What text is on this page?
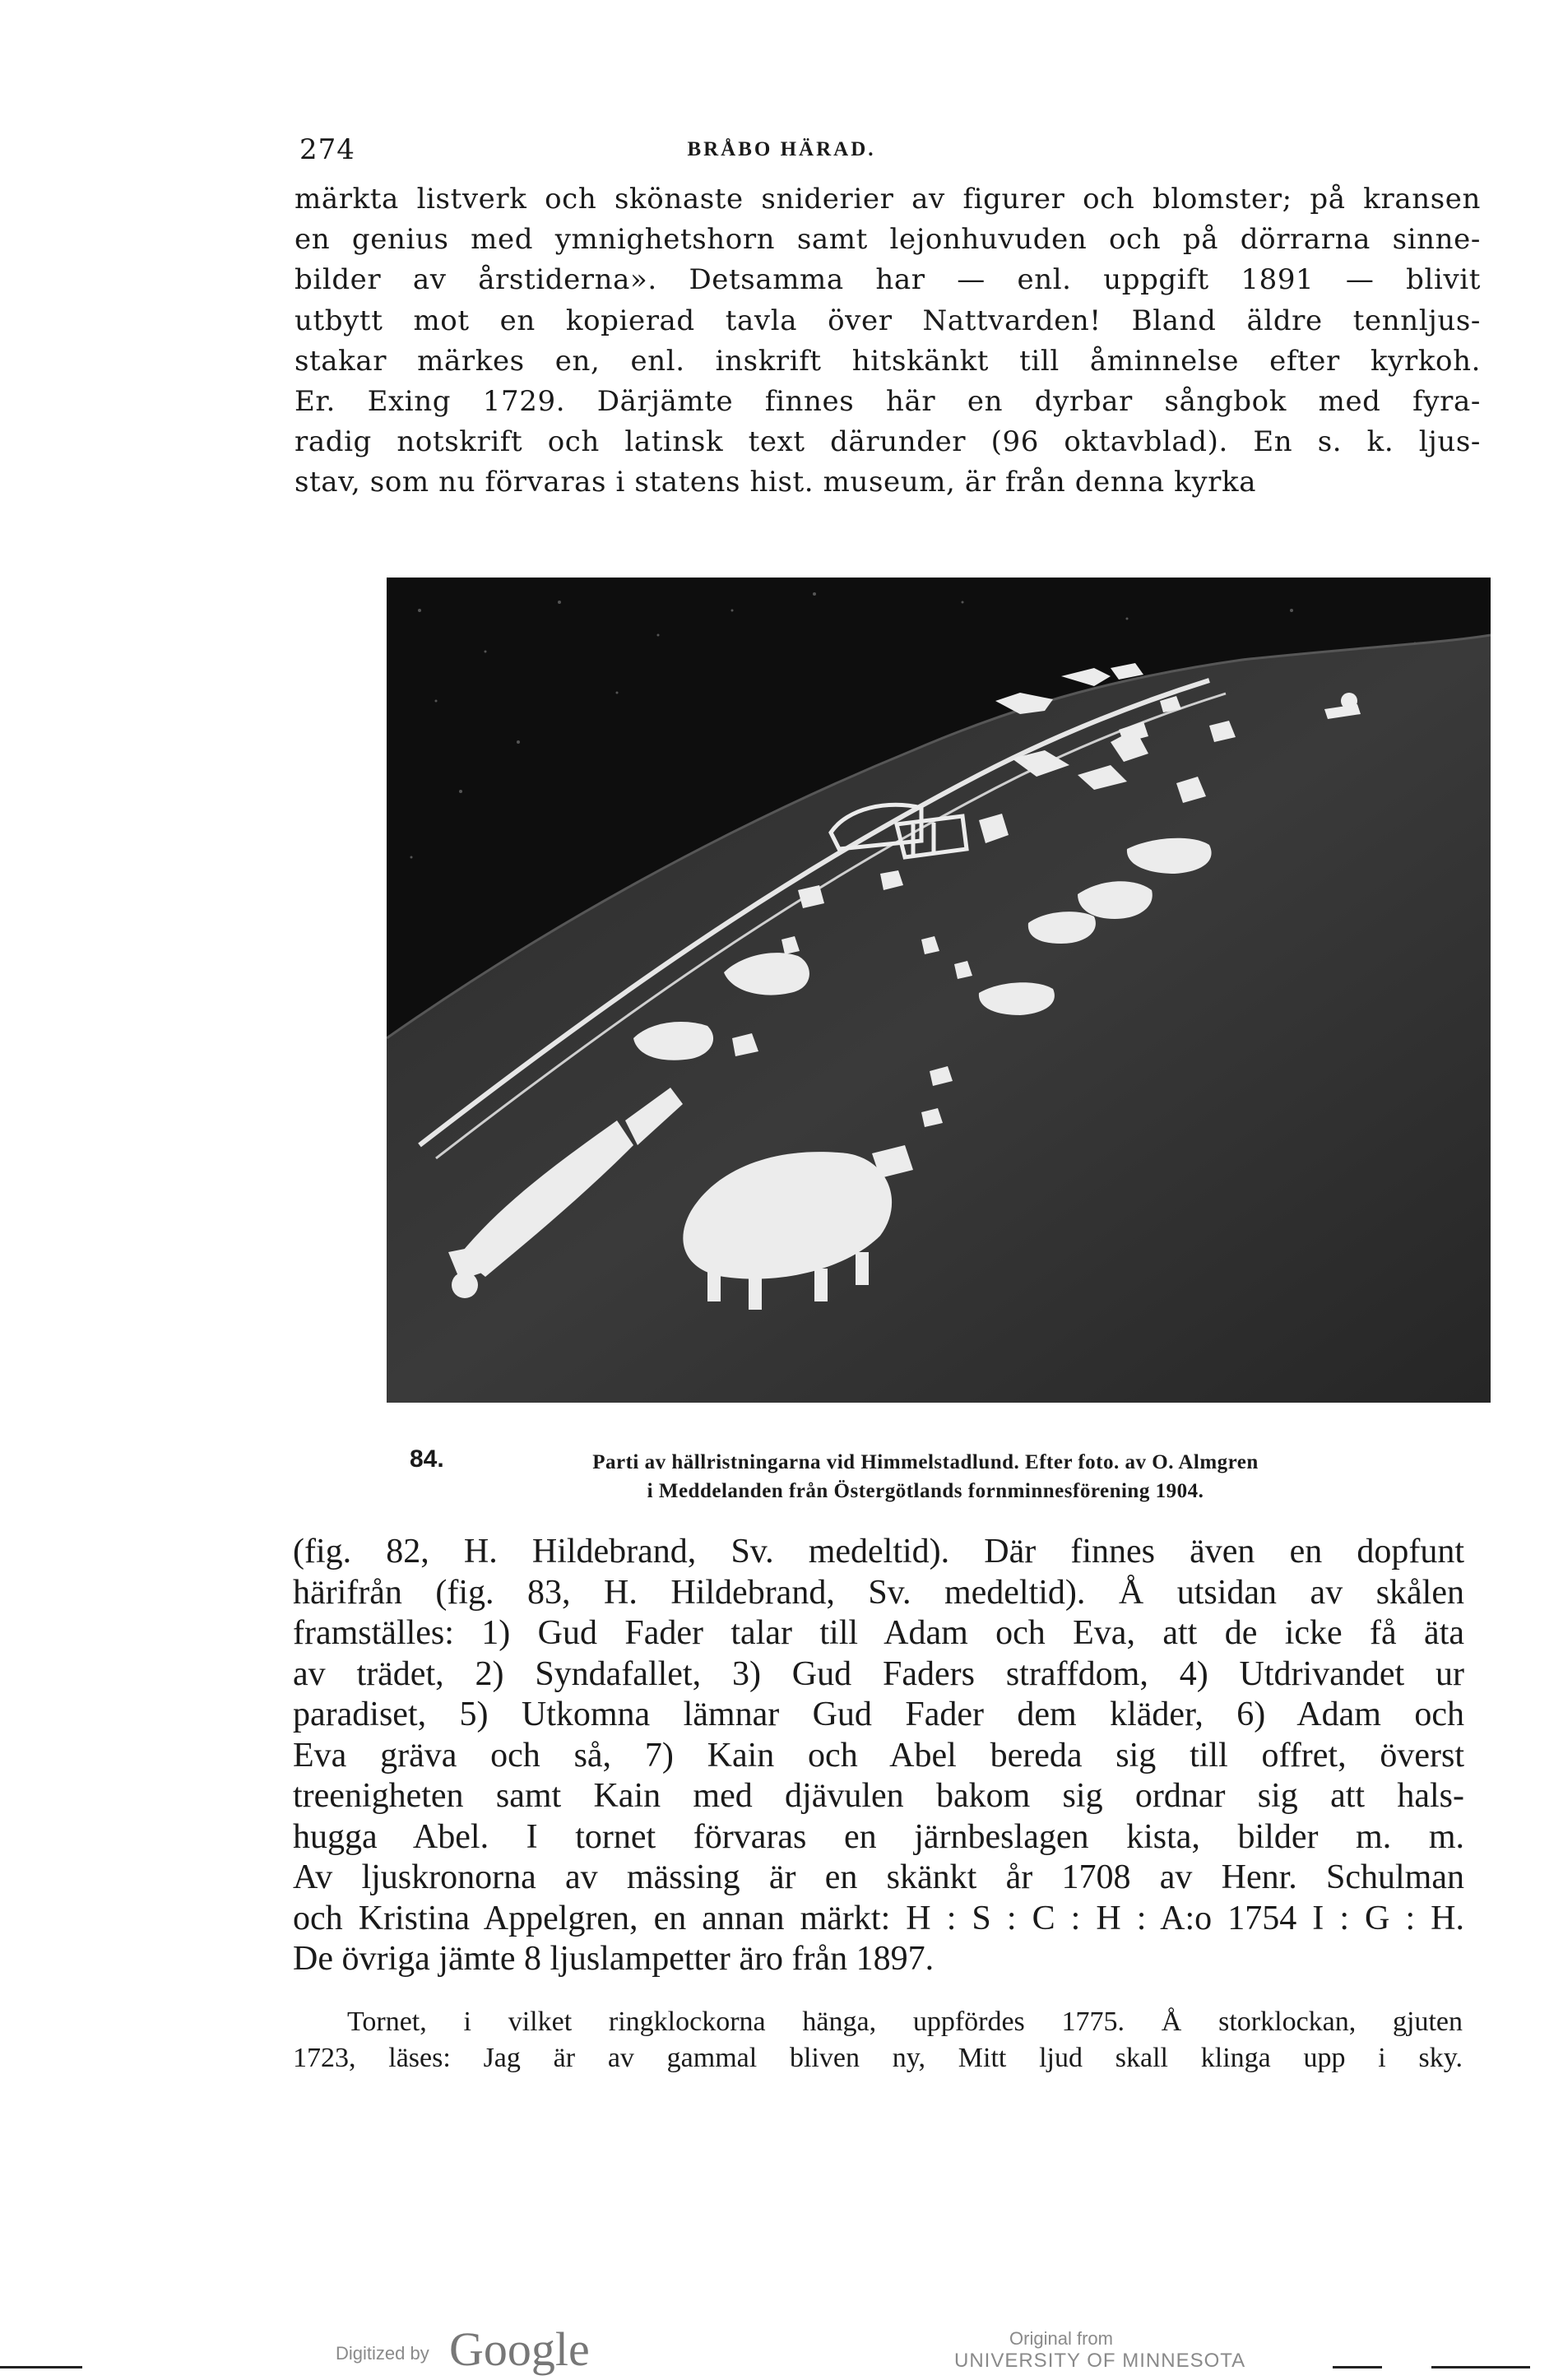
274	BRÅBO HÄRAD.
märkta listverk och skönaste sniderier av figurer och blomster; på kransen
en genius med ymnighetshorn samt lejonhuvuden och på dörrarna sinne-
bilder av årstiderna». Detsamma har — enl. uppgift 1891 — blivit
utbytt mot en kopierad tavla över Nattvarden! Bland äldre tennljus-
stakar märkes en, enl. inskrift hitskänkt till åminnelse efter kyrkoh.
Er. Exing 1729. Därjämte finnes här en dyrbar sångbok med fyra-
radig notskrift och latinsk text därunder (96 oktavblad). En s. k. ljus-
stav, som nu förvaras i statens hist. museum, är från denna kyrka
84.	Parti av hällristningarna vid Himmelstadlund. Efter foto. av O. Almgren
i Meddelanden från Östergötlands fornminnesförening 1904.
(fig. 82, H. Hildebrand, Sv. medeltid). Där finnes även en dopfunt
härifrån (fig. 83, H. Hildebrand, Sv. medeltid). Å utsidan av skålen
framställes: 1) Gud Fader talar till Adam och Eva, att de icke få äta
av trädet, 2) Syndafallet, 3) Gud Faders straffdom, 4) Utdrivandet ur
paradiset, 5) Utkomna lämnar Gud Fader dem kläder, 6) Adam och
Eva gräva och så, 7) Kain och Abel bereda sig till offret, överst
treenigheten samt Kain med djävulen bakom sig ordnar sig att hals-
hugga Abel. I tornet förvaras en järnbeslagen kista, bilder m. m.
Av ljuskronorna av mässing är en skänkt år 1708 av Henr. Schulman
och Kristina Appelgren, en annan märkt: H : S : C : H : A:o 1754 I : G : H.
De övriga jämte 8 ljuslampetter äro från 1897.
Tornet, i vilket ringklockorna hänga, uppfördes 1775. Å storklockan, gjuten
1723, läses: Jag är av gammal bliven ny, Mitt ljud skall klinga upp i sky.
Digitized by Google	Original from
UNIVERSITY OF MINNESOTA
